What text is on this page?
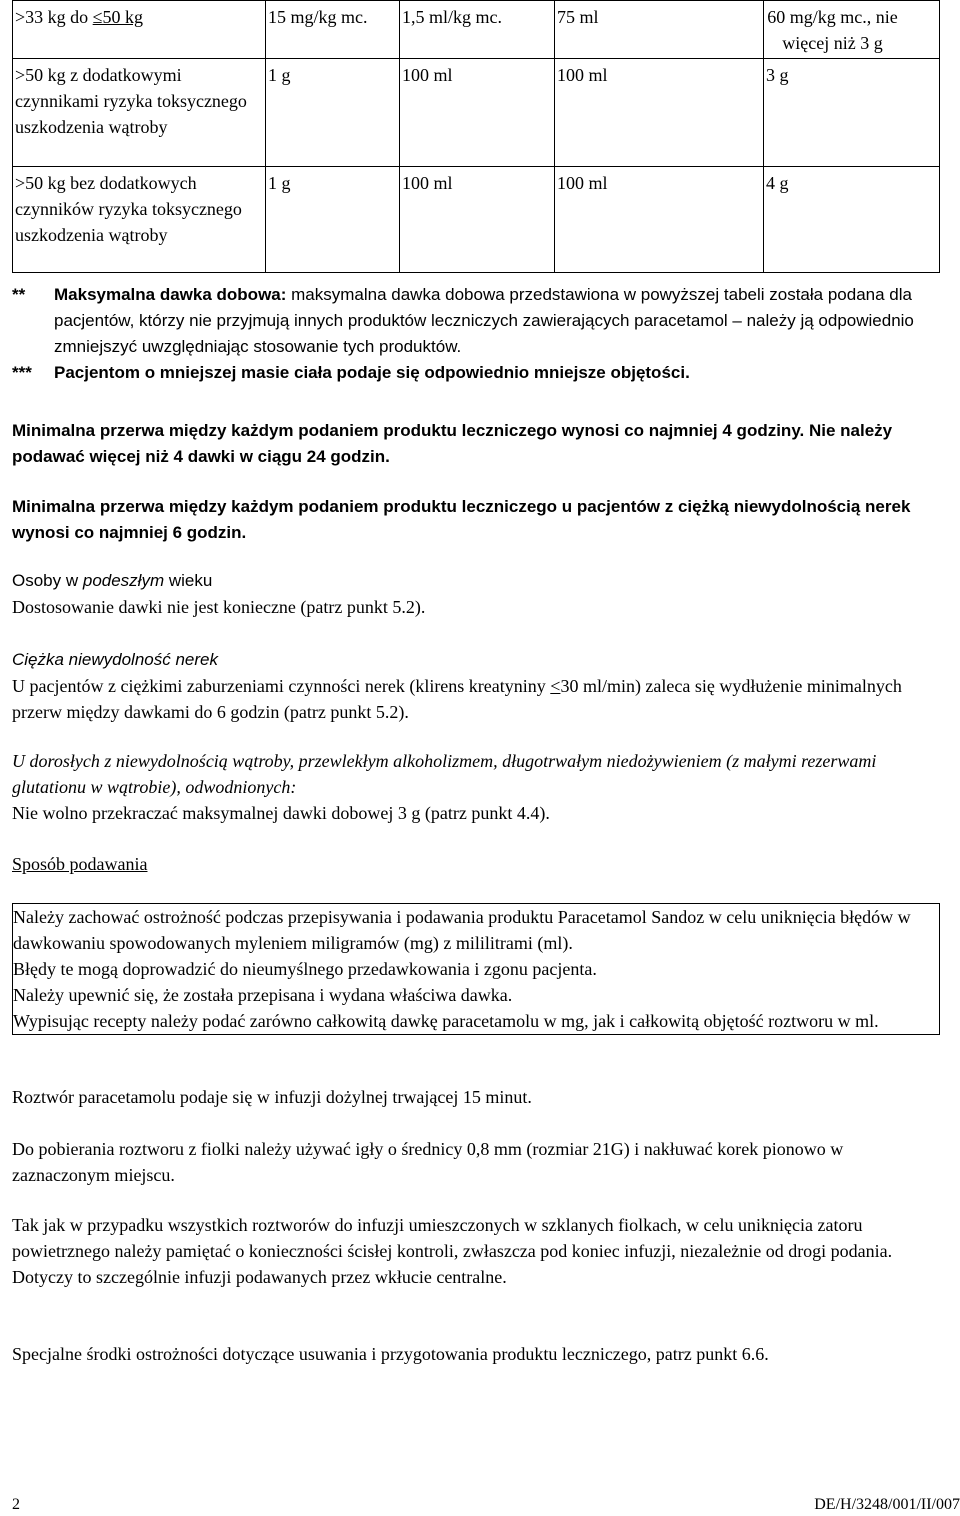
>33 kg do ≤50 kg	15 mg/kg mc.	1,5 ml/kg mc.	75 ml	60 mg/kg mc., nie więcej niż 3 g
>50 kg z dodatkowymi czynnikami ryzyka toksycznego uszkodzenia wątroby	1 g	100 ml	100 ml	3 g
>50 kg bez dodatkowych czynników ryzyka toksycznego uszkodzenia wątroby	1 g	100 ml	100 ml	4 g
**	Maksymalna dawka dobowa: maksymalna dawka dobowa przedstawiona w powyższej tabeli została podana dla pacjentów, którzy nie przyjmują innych produktów leczniczych zawierających paracetamol – należy ją odpowiednio zmniejszyć uwzględniając stosowanie tych produktów.
***	Pacjentom o mniejszej masie ciała podaje się odpowiednio mniejsze objętości.
Minimalna przerwa między każdym podaniem produktu leczniczego wynosi co najmniej 4 godziny. Nie należy podawać więcej niż 4 dawki w ciągu 24 godzin.
Minimalna przerwa między każdym podaniem produktu leczniczego u pacjentów z ciężką niewydolnością nerek wynosi co najmniej 6 godzin.
Osoby w podeszłym wieku
Dostosowanie dawki nie jest konieczne (patrz punkt 5.2).
Ciężka niewydolność nerek
U pacjentów z ciężkimi zaburzeniami czynności nerek (klirens kreatyniny ≤30 ml/min) zaleca się wydłużenie minimalnych przerw między dawkami do 6 godzin (patrz punkt 5.2).
U dorosłych z niewydolnością wątroby, przewlekłym alkoholizmem, długotrwałym niedożywieniem (z małymi rezerwami glutationu w wątrobie), odwodnionych:
Nie wolno przekraczać maksymalnej dawki dobowej 3 g (patrz punkt 4.4).
Sposób podawania
Należy zachować ostrożność podczas przepisywania i podawania produktu Paracetamol Sandoz w celu uniknięcia błędów w dawkowaniu spowodowanych myleniem miligramów (mg) z mililitrami (ml).
Błędy te mogą doprowadzić do nieumyślnego przedawkowania i zgonu pacjenta.
Należy upewnić się, że została przepisana i wydana właściwa dawka.
Wypisując recepty należy podać zarówno całkowitą dawkę paracetamolu w mg, jak i całkowitą objętość roztworu w ml.
Roztwór paracetamolu podaje się w infuzji dożylnej trwającej 15 minut.
Do pobierania roztworu z fiolki należy używać igły o średnicy 0,8 mm (rozmiar 21G) i nakłuwać korek pionowo w zaznaczonym miejscu.
Tak jak w przypadku wszystkich roztworów do infuzji umieszczonych w szklanych fiolkach, w celu uniknięcia zatoru powietrznego należy pamiętać o konieczności ścisłej kontroli, zwłaszcza pod koniec infuzji, niezależnie od drogi podania. Dotyczy to szczególnie infuzji podawanych przez wkłucie centralne.
Specjalne środki ostrożności dotyczące usuwania i przygotowania produktu leczniczego, patrz punkt 6.6.
2	DE/H/3248/001/II/007
